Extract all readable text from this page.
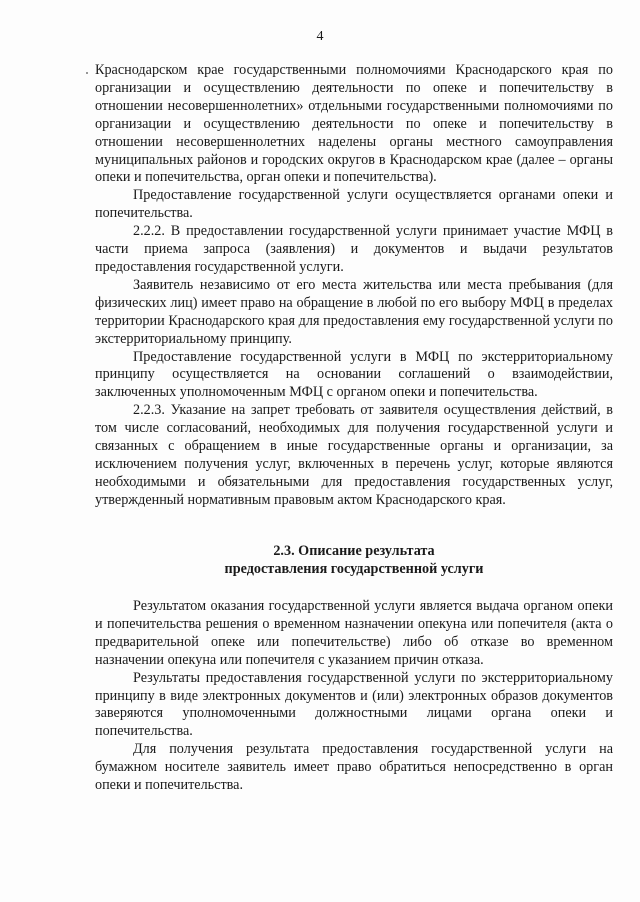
4

Краснодарском крае государственными полномочиями Краснодарского края по организации и осуществлению деятельности по опеке и попечительству в отношении несовершеннолетних» отдельными государственными полномочиями по организации и осуществлению деятельности по опеке и попечительству в отношении несовершеннолетних наделены органы местного самоуправления муниципальных районов и городских округов в Краснодарском крае (далее – органы опеки и попечительства, орган опеки и попечительства).

Предоставление государственной услуги осуществляется органами опеки и попечительства.

2.2.2. В предоставлении государственной услуги принимает участие МФЦ в части приема запроса (заявления) и документов и выдачи результатов предоставления государственной услуги.

Заявитель независимо от его места жительства или места пребывания (для физических лиц) имеет право на обращение в любой по его выбору МФЦ в пределах территории Краснодарского края для предоставления ему государственной услуги по экстерриториальному принципу.

Предоставление государственной услуги в МФЦ по экстерриториальному принципу осуществляется на основании соглашений о взаимодействии, заключенных уполномоченным МФЦ с органом опеки и попечительства.

2.2.3. Указание на запрет требовать от заявителя осуществления действий, в том числе согласований, необходимых для получения государственной услуги и связанных с обращением в иные государственные органы и организации, за исключением получения услуг, включенных в перечень услуг, которые являются необходимыми и обязательными для предоставления государственных услуг, утвержденный нормативным правовым актом Краснодарского края.

2.3. Описание результата
предоставления государственной услуги

Результатом оказания государственной услуги является выдача органом опеки и попечительства решения о временном назначении опекуна или попечителя (акта о предварительной опеке или попечительстве) либо об отказе во временном назначении опекуна или попечителя с указанием причин отказа.

Результаты предоставления государственной услуги по экстерриториальному принципу в виде электронных документов и (или) электронных образов документов заверяются уполномоченными должностными лицами органа опеки и попечительства.

Для получения результата предоставления государственной услуги на бумажном носителе заявитель имеет право обратиться непосредственно в орган опеки и попечительства.
